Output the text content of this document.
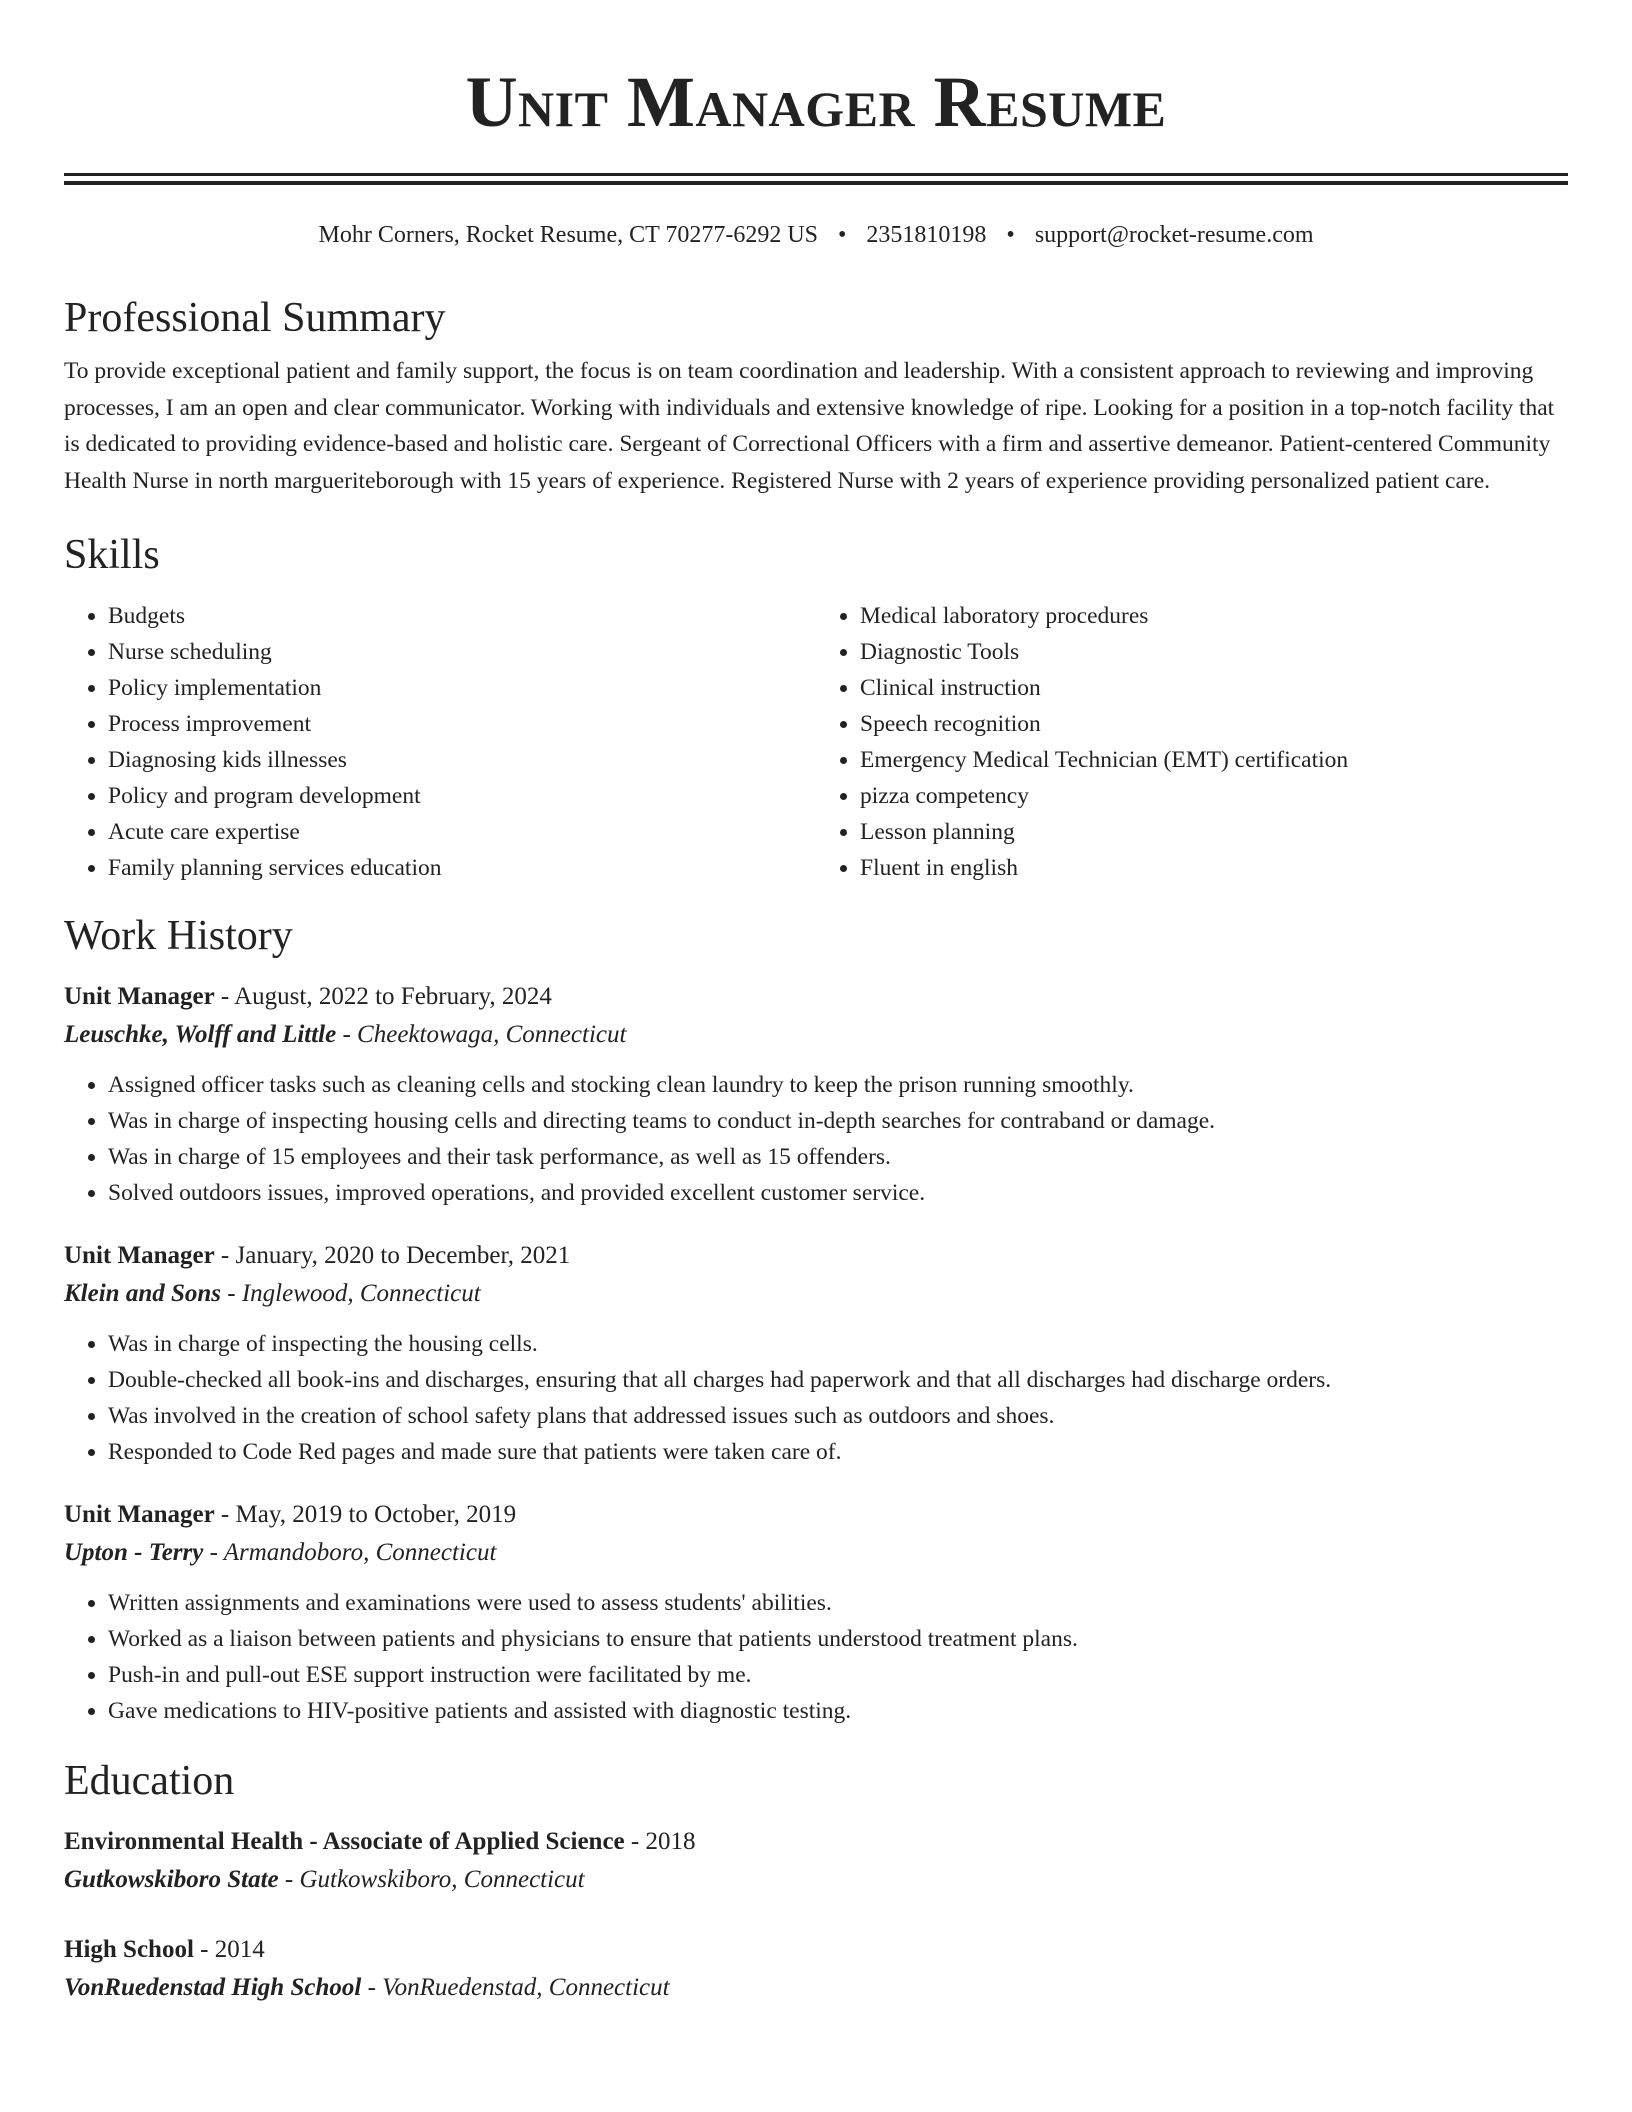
Unit Manager Resume
Mohr Corners, Rocket Resume, CT 70277-6292 US • 2351810198 • support@rocket-resume.com
Professional Summary

To provide exceptional patient and family support, the focus is on team coordination and leadership. With a consistent approach to reviewing and improving processes, I am an open and clear communicator. Working with individuals and extensive knowledge of ripe. Looking for a position in a top-notch facility that is dedicated to providing evidence-based and holistic care. Sergeant of Correctional Officers with a firm and assertive demeanor. Patient-centered Community Health Nurse in north margueriteborough with 15 years of experience. Registered Nurse with 2 years of experience providing personalized patient care.

Skills
• Budgets
• Nurse scheduling
• Policy implementation
• Process improvement
• Diagnosing kids illnesses
• Policy and program development
• Acute care expertise
• Family planning services education
• Medical laboratory procedures
• Diagnostic Tools
• Clinical instruction
• Speech recognition
• Emergency Medical Technician (EMT) certification
• pizza competency
• Lesson planning
• Fluent in english
Work History
Unit Manager - August, 2022 to February, 2024
Leuschke, Wolff and Little - Cheektowaga, Connecticut
• Assigned officer tasks such as cleaning cells and stocking clean laundry to keep the prison running smoothly.
• Was in charge of inspecting housing cells and directing teams to conduct in-depth searches for contraband or damage.
• Was in charge of 15 employees and their task performance, as well as 15 offenders.
• Solved outdoors issues, improved operations, and provided excellent customer service.
Unit Manager - January, 2020 to December, 2021
Klein and Sons - Inglewood, Connecticut
• Was in charge of inspecting the housing cells.
• Double-checked all book-ins and discharges, ensuring that all charges had paperwork and that all discharges had discharge orders.
• Was involved in the creation of school safety plans that addressed issues such as outdoors and shoes.
• Responded to Code Red pages and made sure that patients were taken care of.
Unit Manager - May, 2019 to October, 2019
Upton - Terry - Armandoboro, Connecticut
• Written assignments and examinations were used to assess students' abilities.
• Worked as a liaison between patients and physicians to ensure that patients understood treatment plans.
• Push-in and pull-out ESE support instruction were facilitated by me.
• Gave medications to HIV-positive patients and assisted with diagnostic testing.
Education
Environmental Health - Associate of Applied Science - 2018
Gutkowskiboro State - Gutkowskiboro, Connecticut
High School - 2014
VonRuedenstad High School - VonRuedenstad, Connecticut
